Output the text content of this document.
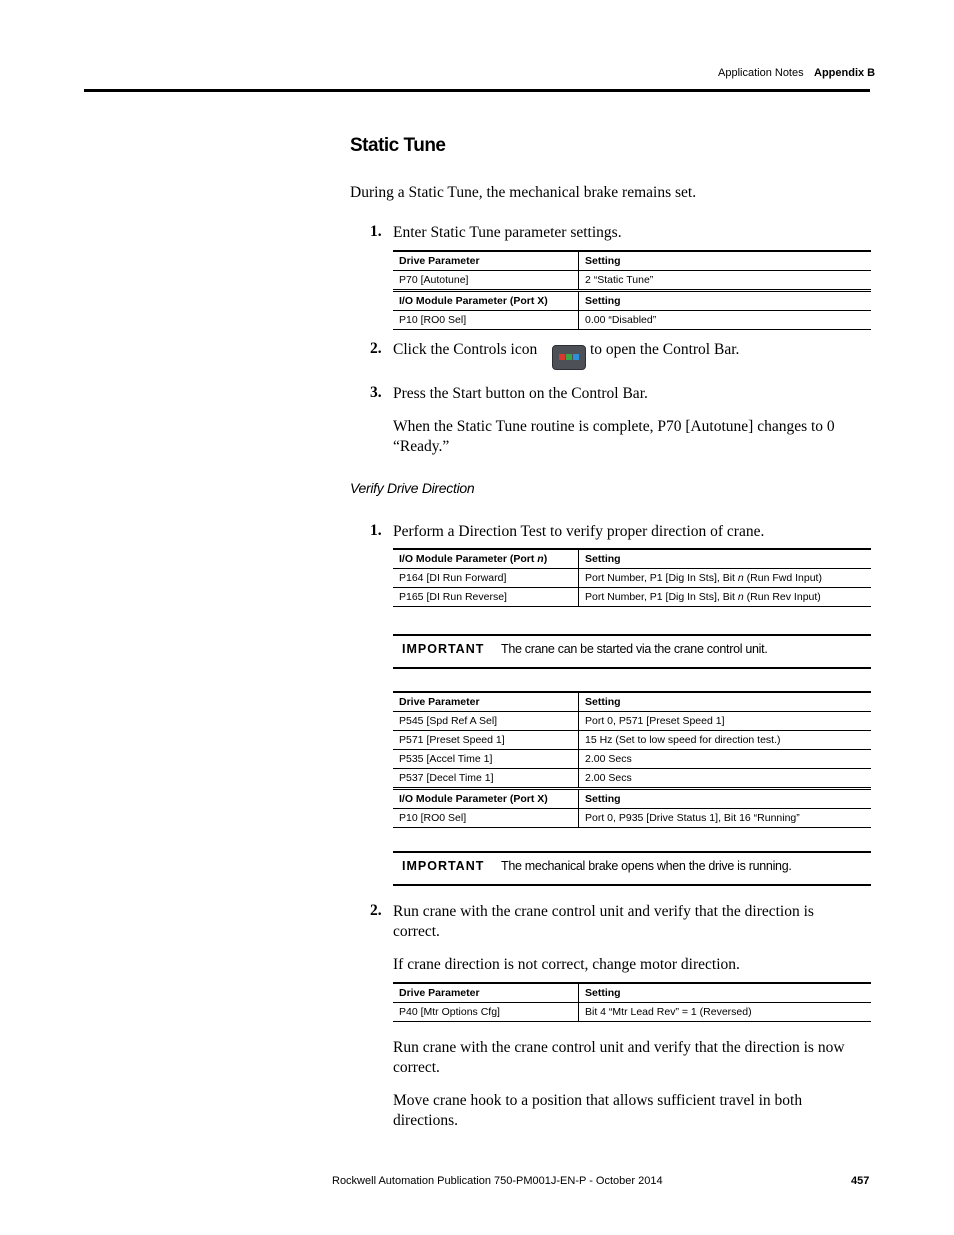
Application Notes Appendix B
Static Tune
During a Static Tune, the mechanical brake remains set.
1. Enter Static Tune parameter settings.
Drive Parameter	Setting
P70 [Autotune]	2 “Static Tune”
I/O Module Parameter (Port X)	Setting
P10 [RO0 Sel]	0.00 “Disabled”
2. Click the Controls icon	to open the Control Bar.
3. Press the Start button on the Control Bar.
When the Static Tune routine is complete, P70 [Autotune] changes to 0
“Ready.”
Verify Drive Direction
1. Perform a Direction Test to verify proper direction of crane.
I/O Module Parameter (Port n)	Setting
P164 [DI Run Forward]	Port Number, P1 [Dig In Sts], Bit n (Run Fwd Input)
P165 [DI Run Reverse]	Port Number, P1 [Dig In Sts], Bit n (Run Rev Input)
IMPORTANT The crane can be started via the crane control unit.
Drive Parameter	Setting
P545 [Spd Ref A Sel]	Port 0, P571 [Preset Speed 1]
P571 [Preset Speed 1]	15 Hz (Set to low speed for direction test.)
P535 [Accel Time 1]	2.00 Secs
P537 [Decel Time 1]	2.00 Secs
I/O Module Parameter (Port X)	Setting
P10 [RO0 Sel]	Port 0, P935 [Drive Status 1], Bit 16 “Running”
IMPORTANT The mechanical brake opens when the drive is running.
2. Run crane with the crane control unit and verify that the direction is
correct.
If crane direction is not correct, change motor direction.
Drive Parameter	Setting
P40 [Mtr Options Cfg]	Bit 4 “Mtr Lead Rev” = 1 (Reversed)
Run crane with the crane control unit and verify that the direction is now
correct.
Move crane hook to a position that allows sufficient travel in both
directions.
Rockwell Automation Publication 750-PM001J-EN-P - October 2014	457
